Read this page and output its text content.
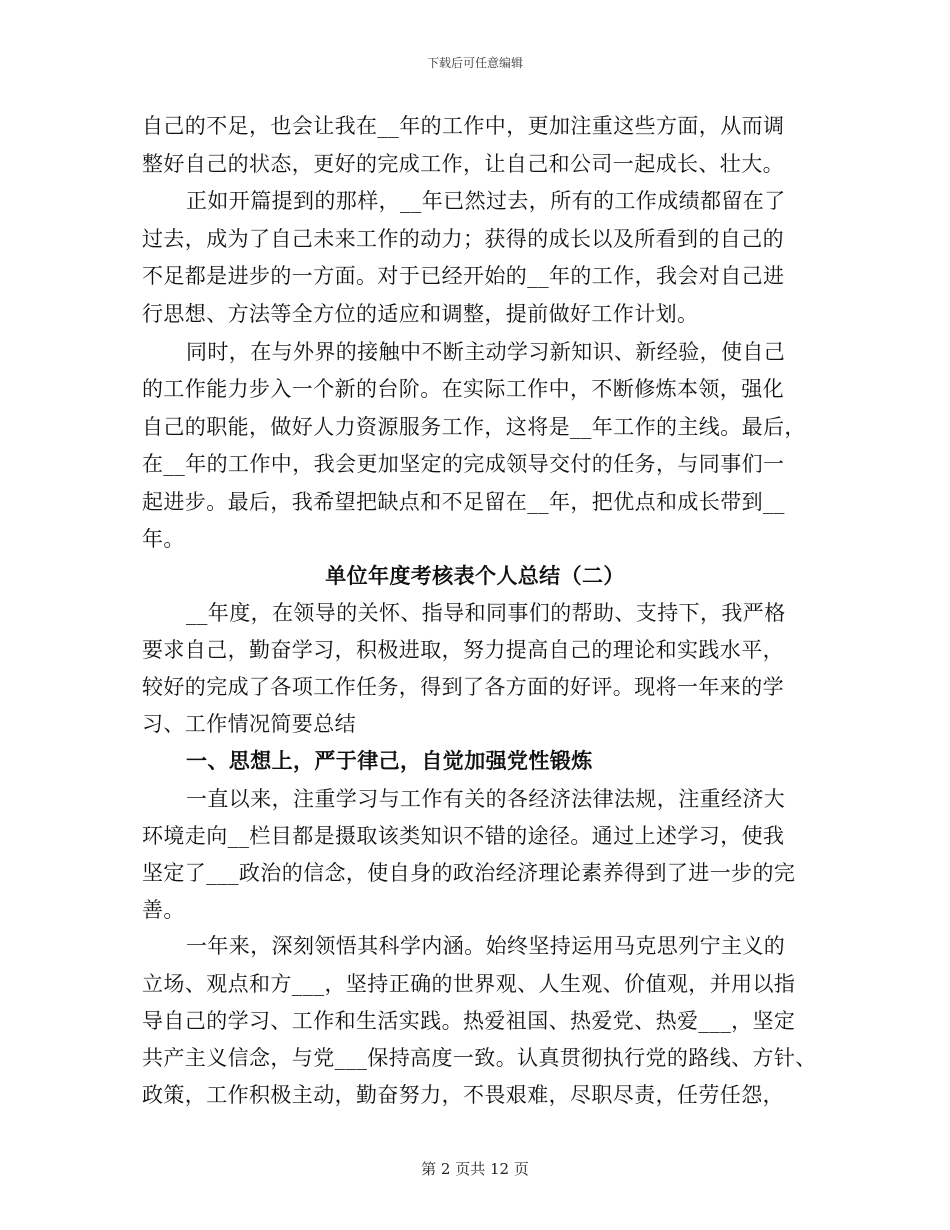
下载后可任意编辑
自己的不足，也会让我在__年的工作中，更加注重这些方面，从而调
整好自己的状态，更好的完成工作，让自己和公司一起成长、壮大。
正如开篇提到的那样，__年已然过去，所有的工作成绩都留在了
过去，成为了自己未来工作的动力；获得的成长以及所看到的自己的
不足都是进步的一方面。对于已经开始的__年的工作，我会对自己进
行思想、方法等全方位的适应和调整，提前做好工作计划。
同时，在与外界的接触中不断主动学习新知识、新经验，使自己
的工作能力步入一个新的台阶。在实际工作中，不断修炼本领，强化
自己的职能，做好人力资源服务工作，这将是__年工作的主线。最后，
在__年的工作中，我会更加坚定的完成领导交付的任务，与同事们一
起进步。最后，我希望把缺点和不足留在__年，把优点和成长带到__
年。
单位年度考核表个人总结（二）
__年度，在领导的关怀、指导和同事们的帮助、支持下，我严格
要求自己，勤奋学习，积极进取，努力提高自己的理论和实践水平，
较好的完成了各项工作任务，得到了各方面的好评。现将一年来的学
习、工作情况简要总结
一、思想上，严于律己，自觉加强党性锻炼
一直以来，注重学习与工作有关的各经济法律法规，注重经济大
环境走向__栏目都是摄取该类知识不错的途径。通过上述学习，使我
坚定了___政治的信念，使自身的政治经济理论素养得到了进一步的完
善。
一年来，深刻领悟其科学内涵。始终坚持运用马克思列宁主义的
立场、观点和方___，坚持正确的世界观、人生观、价值观，并用以指
导自己的学习、工作和生活实践。热爱祖国、热爱党、热爱___，坚定
共产主义信念，与党___保持高度一致。认真贯彻执行党的路线、方针、
政策，工作积极主动，勤奋努力，不畏艰难，尽职尽责，任劳任怨，
第 2 页共 12 页
